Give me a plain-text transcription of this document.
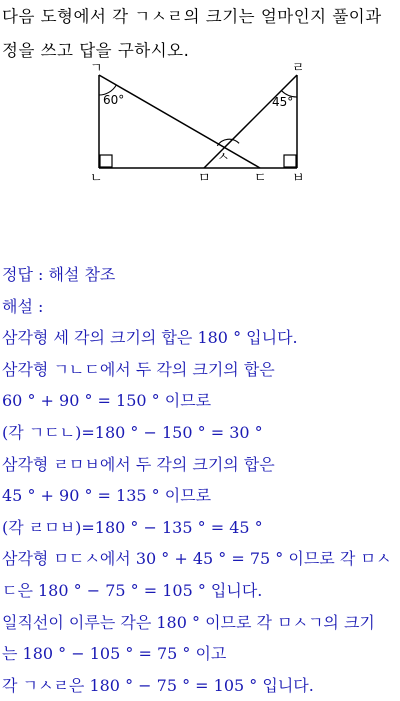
다음 도형에서 각 ㄱㅅㄹ의 크기는 얼마인지 풀이과
정을 쓰고 답을 구하시오.
ㄱ
ㄴ	ㅁ	ㄷ
ㄹ
ㅂ
ㅅ
60°	45°
정답 : 해설 참조
해설 :
삼각형 세 각의 크기의 합은 180 ° 입니다.
삼각형 ㄱㄴㄷ에서 두 각의 크기의 합은
60 ° + 90 ° = 150 ° 이므로
(각 ㄱㄷㄴ)=180 ° − 150 ° = 30 °
삼각형 ㄹㅁㅂ에서 두 각의 크기의 합은
45 ° + 90 ° = 135 ° 이므로
(각 ㄹㅁㅂ)=180 ° − 135 ° = 45 °
삼각형 ㅁㄷㅅ에서 30 ° + 45 ° = 75 ° 이므로 각 ㅁㅅ
ㄷ은 180 ° − 75 ° = 105 ° 입니다.
일직선이 이루는 각은 180 ° 이므로 각 ㅁㅅㄱ의 크기
는 180 ° − 105 ° = 75 ° 이고
각 ㄱㅅㄹ은 180 ° − 75 ° = 105 ° 입니다.
